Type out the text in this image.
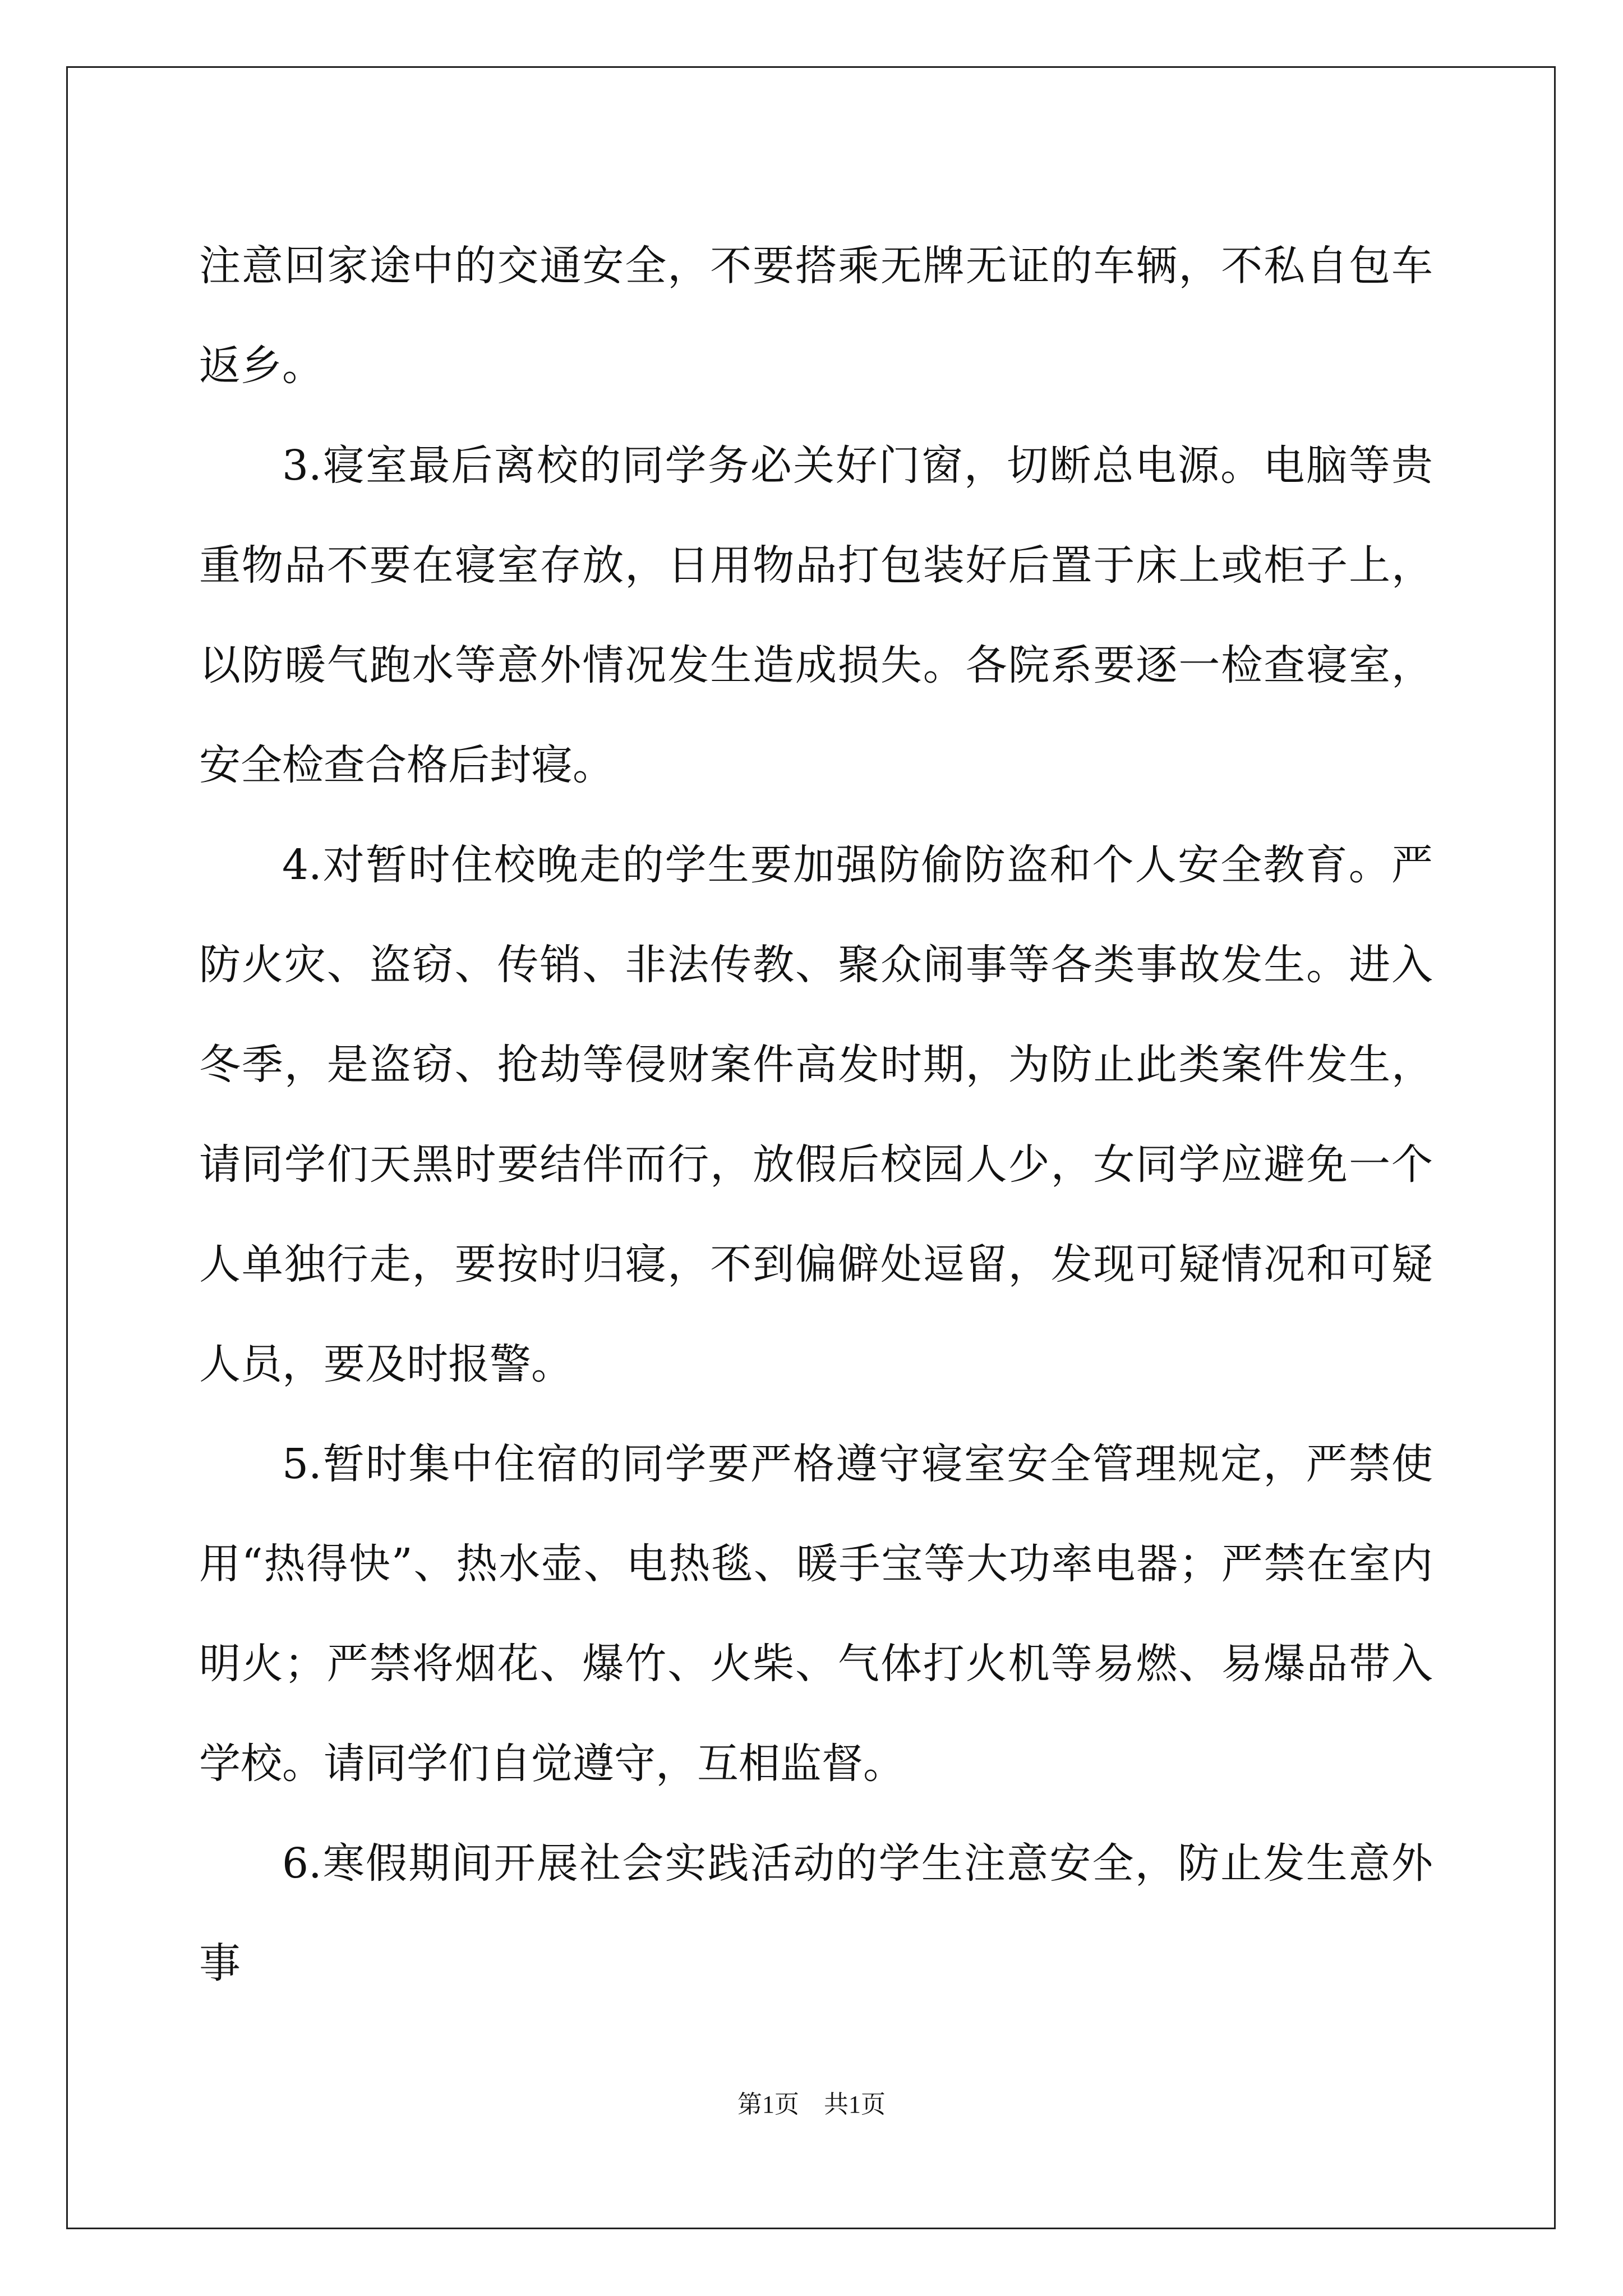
注意回家途中的交通安全，不要搭乘无牌无证的车辆，不私自包车返乡。

3.寝室最后离校的同学务必关好门窗，切断总电源。电脑等贵重物品不要在寝室存放，日用物品打包装好后置于床上或柜子上，以防暖气跑水等意外情况发生造成损失。各院系要逐一检查寝室，安全检查合格后封寝。

4.对暂时住校晚走的学生要加强防偷防盗和个人安全教育。严防火灾、盗窃、传销、非法传教、聚众闹事等各类事故发生。进入冬季，是盗窃、抢劫等侵财案件高发时期，为防止此类案件发生，请同学们天黑时要结伴而行，放假后校园人少，女同学应避免一个人单独行走，要按时归寝，不到偏僻处逗留，发现可疑情况和可疑人员，要及时报警。

5.暂时集中住宿的同学要严格遵守寝室安全管理规定，严禁使用“热得快”、热水壶、电热毯、暖手宝等大功率电器；严禁在室内明火；严禁将烟花、爆竹、火柴、气体打火机等易燃、易爆品带入学校。请同学们自觉遵守，互相监督。

6.寒假期间开展社会实践活动的学生注意安全，防止发生意外事

第1页　共1页
